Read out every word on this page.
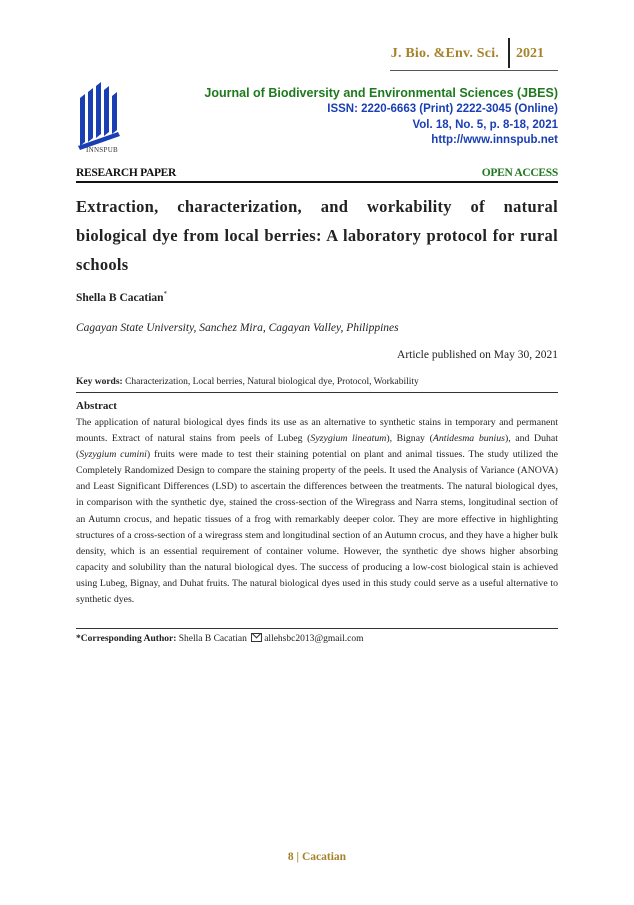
J. Bio. &Env. Sci. 2021
INNSPUB
Journal of Biodiversity and Environmental Sciences (JBES)
ISSN: 2220-6663 (Print) 2222-3045 (Online)
Vol. 18, No. 5, p. 8-18, 2021
http://www.innspub.net
RESEARCH PAPER	OPEN ACCESS
Extraction, characterization, and workability of natural biological dye from local berries: A laboratory protocol for rural schools
Shella B Cacatian*
Cagayan State University, Sanchez Mira, Cagayan Valley, Philippines
Article published on May 30, 2021
Key words: Characterization, Local berries, Natural biological dye, Protocol, Workability
Abstract
The application of natural biological dyes finds its use as an alternative to synthetic stains in temporary and permanent mounts. Extract of natural stains from peels of Lubeg (Syzygium lineatum), Bignay (Antidesma bunius), and Duhat (Syzygium cumini) fruits were made to test their staining potential on plant and animal tissues. The study utilized the Completely Randomized Design to compare the staining property of the peels. It used the Analysis of Variance (ANOVA) and Least Significant Differences (LSD) to ascertain the differences between the treatments. The natural biological dyes, in comparison with the synthetic dye, stained the cross-section of the Wiregrass and Narra stems, longitudinal section of an Autumn crocus, and hepatic tissues of a frog with remarkably deeper color. They are more effective in highlighting structures of a cross-section of a wiregrass stem and longitudinal section of an Autumn crocus, and they have a higher bulk density, which is an essential requirement of container volume. However, the synthetic dye shows higher absorbing capacity and solubility than the natural biological dyes. The success of producing a low-cost biological stain is achieved using Lubeg, Bignay, and Duhat fruits. The natural biological dyes used in this study could serve as a useful alternative to synthetic dyes.
*Corresponding Author: Shella B Cacatian allehsbc2013@gmail.com
8 | Cacatian
